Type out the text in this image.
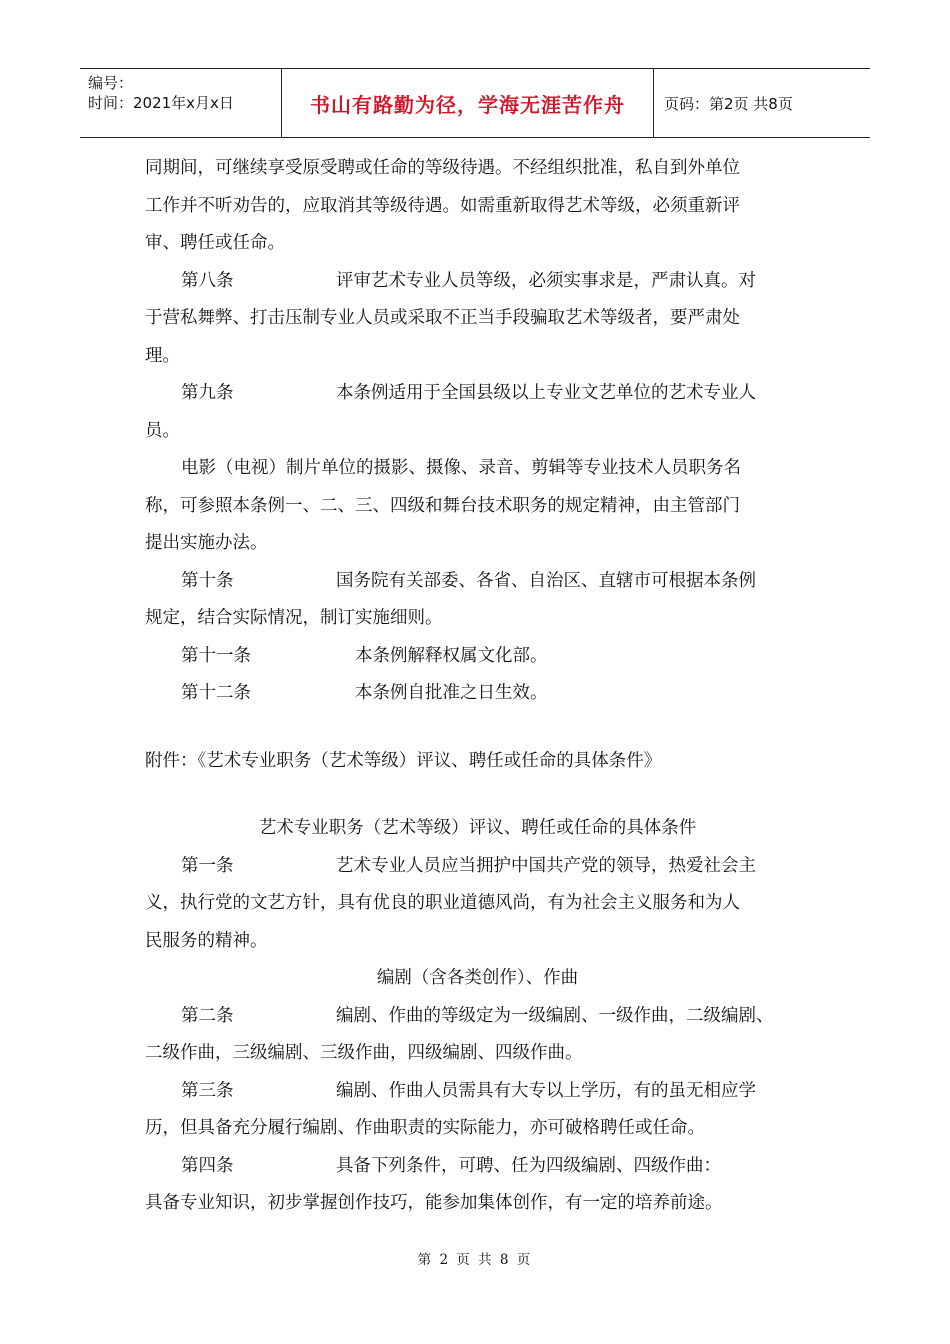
编号：
时间：2021年x月x日	书山有路勤为径，学海无涯苦作舟	页码：第2页 共8页
同期间，可继续享受原受聘或任命的等级待遇。不经组织批准，私自到外单位
工作并不听劝告的，应取消其等级待遇。如需重新取得艺术等级，必须重新评
审、聘任或任命。
第八条	评审艺术专业人员等级，必须实事求是，严肃认真。对
于营私舞弊、打击压制专业人员或采取不正当手段骗取艺术等级者，要严肃处
理。
第九条	本条例适用于全国县级以上专业文艺单位的艺术专业人
员。
电影（电视）制片单位的摄影、摄像、录音、剪辑等专业技术人员职务名
称，可参照本条例一、二、三、四级和舞台技术职务的规定精神，由主管部门
提出实施办法。
第十条	国务院有关部委、各省、自治区、直辖市可根据本条例
规定，结合实际情况，制订实施细则。
第十一条	本条例解释权属文化部。
第十二条	本条例自批准之日生效。
附件：《艺术专业职务（艺术等级）评议、聘任或任命的具体条件》
艺术专业职务（艺术等级）评议、聘任或任命的具体条件
第一条	艺术专业人员应当拥护中国共产党的领导，热爱社会主
义，执行党的文艺方针，具有优良的职业道德风尚，有为社会主义服务和为人
民服务的精神。
编剧（含各类创作）、作曲
第二条	编剧、作曲的等级定为一级编剧、一级作曲，二级编剧、
二级作曲，三级编剧、三级作曲，四级编剧、四级作曲。
第三条	编剧、作曲人员需具有大专以上学历，有的虽无相应学
历，但具备充分履行编剧、作曲职责的实际能力，亦可破格聘任或任命。
第四条	具备下列条件，可聘、任为四级编剧、四级作曲：
具备专业知识，初步掌握创作技巧，能参加集体创作，有一定的培养前途。
第 2 页 共 8 页
